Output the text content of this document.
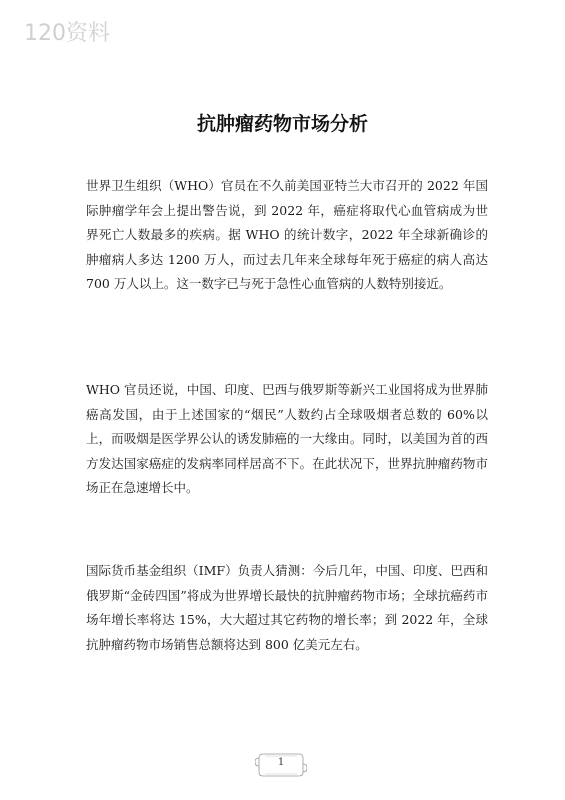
120资料
抗肿瘤药物市场分析

世界卫生组织（WHO）官员在不久前美国亚特兰大市召开的 2022 年国际肿瘤学年会上提出警告说，到 2022 年，癌症将取代心血管病成为世界死亡人数最多的疾病。据 WHO 的统计数字，2022 年全球新确诊的肿瘤病人多达 1200 万人，而过去几年来全球每年死于癌症的病人高达 700 万人以上。这一数字已与死于急性心血管病的人数特别接近。

WHO 官员还说，中国、印度、巴西与俄罗斯等新兴工业国将成为世界肺癌高发国，由于上述国家的“烟民”人数约占全球吸烟者总数的 60%以上，而吸烟是医学界公认的诱发肺癌的一大缘由。同时，以美国为首的西方发达国家癌症的发病率同样居高不下。在此状况下，世界抗肿瘤药物市场正在急速增长中。

国际货币基金组织（IMF）负责人猜测：今后几年，中国、印度、巴西和俄罗斯“金砖四国”将成为世界增长最快的抗肿瘤药物市场；全球抗癌药市场年增长率将达 15%，大大超过其它药物的增长率；到 2022 年，全球抗肿瘤药物市场销售总额将达到 800 亿美元左右。

1
